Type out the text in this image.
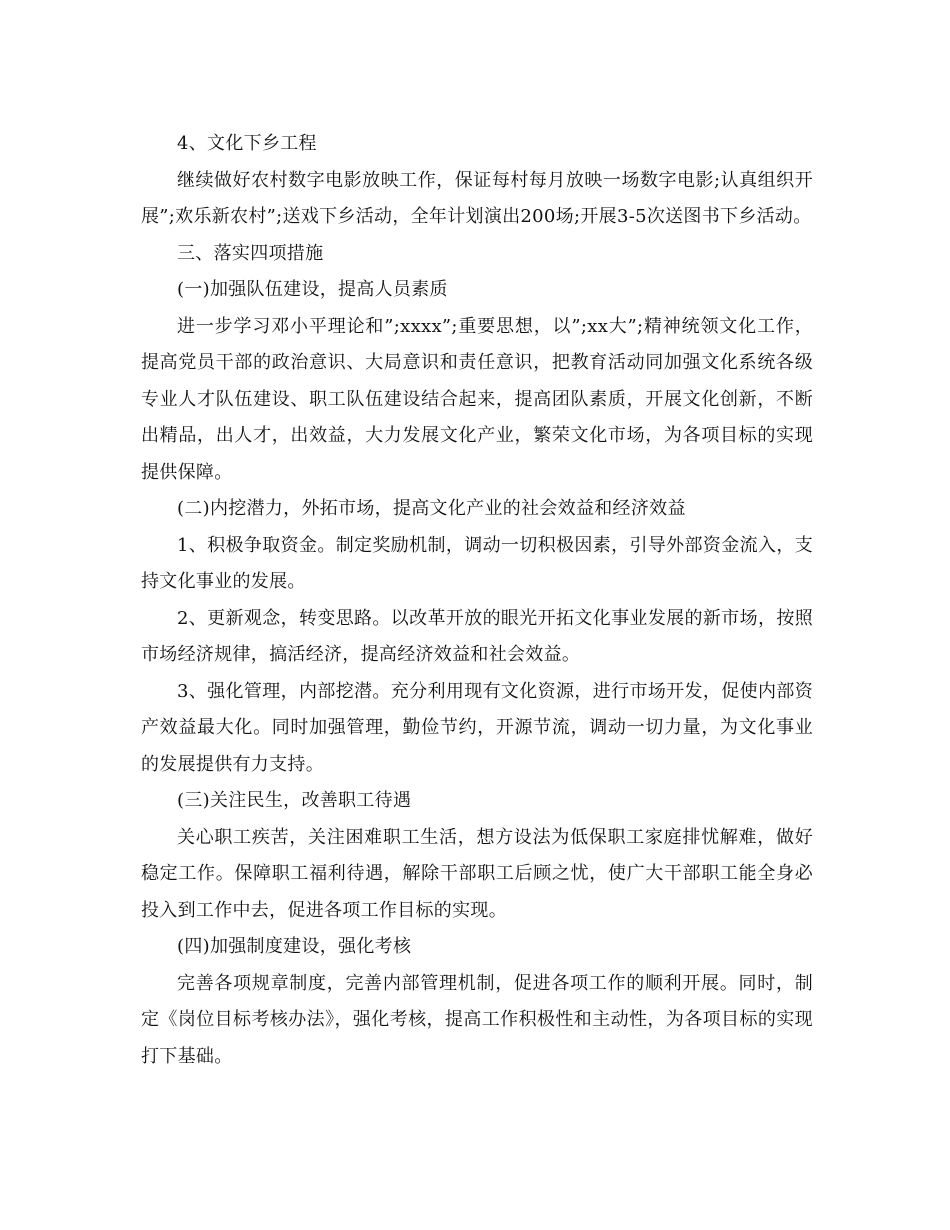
4、文化下乡工程

继续做好农村数字电影放映工作，保证每村每月放映一场数字电影;认真组织开展”;欢乐新农村”;送戏下乡活动，全年计划演出200场;开展3-5次送图书下乡活动。

三、落实四项措施

(一)加强队伍建设，提高人员素质

进一步学习邓小平理论和”;xxxx”;重要思想，以”;xx大”;精神统领文化工作，提高党员干部的政治意识、大局意识和责任意识，把教育活动同加强文化系统各级专业人才队伍建设、职工队伍建设结合起来，提高团队素质，开展文化创新，不断出精品，出人才，出效益，大力发展文化产业，繁荣文化市场，为各项目标的实现提供保障。

(二)内挖潜力，外拓市场，提高文化产业的社会效益和经济效益

1、积极争取资金。制定奖励机制，调动一切积极因素，引导外部资金流入，支持文化事业的发展。

2、更新观念，转变思路。以改革开放的眼光开拓文化事业发展的新市场，按照市场经济规律，搞活经济，提高经济效益和社会效益。

3、强化管理，内部挖潜。充分利用现有文化资源，进行市场开发，促使内部资产效益最大化。同时加强管理，勤俭节约，开源节流，调动一切力量，为文化事业的发展提供有力支持。

(三)关注民生，改善职工待遇

关心职工疾苦，关注困难职工生活，想方设法为低保职工家庭排忧解难，做好稳定工作。保障职工福利待遇，解除干部职工后顾之忧，使广大干部职工能全身必投入到工作中去，促进各项工作目标的实现。

(四)加强制度建设，强化考核

完善各项规章制度，完善内部管理机制，促进各项工作的顺利开展。同时，制定《岗位目标考核办法》，强化考核，提高工作积极性和主动性，为各项目标的实现打下基础。
